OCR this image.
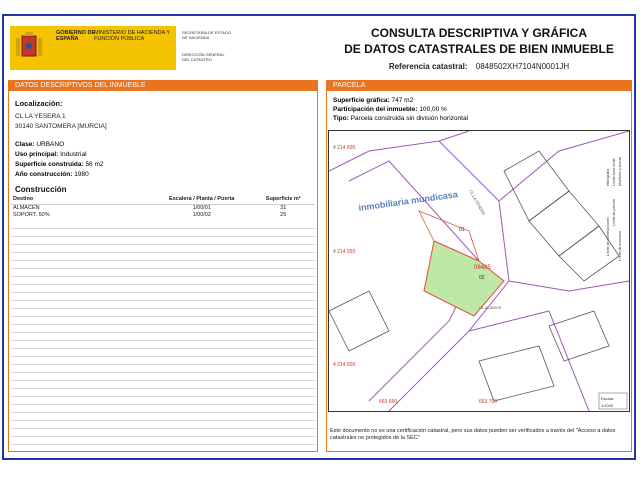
GOBIERNO DE ESPAÑA
MINISTERIO DE HACIENDA Y FUNCIÓN PÚBLICA
SECRETARÍA DE ESTADO DE HACIENDA
DIRECCIÓN GENERAL DEL CATASTRO
CONSULTA DESCRIPTIVA Y GRÁFICA
DE DATOS CATASTRALES DE BIEN INMUEBLE
Referencia catastral: 0848502XH7104N0001JH
DATOS DESCRIPTIVOS DEL INMUEBLE
Localización:
CL LA YESERA 1
30140 SANTOMERA [MURCIA]
Clase: URBANO
Uso principal: Industrial
Superficie construida: 56 m2
Año construcción: 1980
Construcción
Destino	Escalera / Planta / Puerta	Superficie m²
ALMACEN	1/00/01	31
SOPORT. 50%	1/00/02	25
PARCELA
Superficie gráfica: 747 m2
Participación del inmueble: 100,00 %
Tipo: Parcela construida sin división horizontal
4 214 600
4 214 550
4 214 500
663 650	663 700
08485
02
01
CL LA YESERA
CL ALAMOS
inmobiliaria mundicasa
Límite de manzana
Límite de parcela
Límite de construcciones
Mobiliario y aceras
Límite zona verde
Hidrografía
Escala:
1/1000
Este documento no es una certificación catastral, pero sus datos pueden ser verificados a través del "Acceso a datos catastrales no protegidos de la SEC"
